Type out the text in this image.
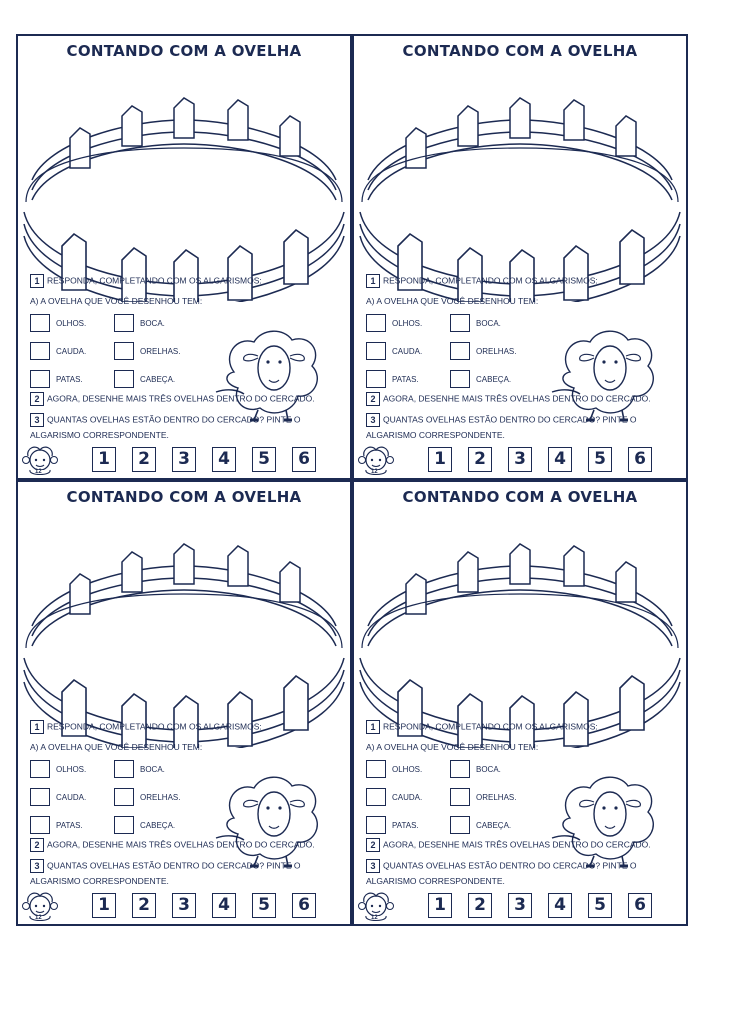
CONTANDO COM A OVELHA
1 RESPONDA, COMPLETANDO COM OS ALGARISMOS:
A) A OVELHA QUE VOCÊ DESENHOU TEM:
OLHOS.	BOCA.
CAUDA.	ORELHAS.
PATAS.	CABEÇA.
2 AGORA, DESENHE MAIS TRÊS OVELHAS DENTRO DO CERCADO.
3 QUANTAS OVELHAS ESTÃO DENTRO DO CERCADO? PINTE O
ALGARISMO CORRESPONDENTE.
12
1	2	3	4	5	6
CONTANDO COM A OVELHA
1 RESPONDA, COMPLETANDO COM OS ALGARISMOS:
A) A OVELHA QUE VOCÊ DESENHOU TEM:
OLHOS.	BOCA.
CAUDA.	ORELHAS.
PATAS.	CABEÇA.
2 AGORA, DESENHE MAIS TRÊS OVELHAS DENTRO DO CERCADO.
3 QUANTAS OVELHAS ESTÃO DENTRO DO CERCADO? PINTE O
ALGARISMO CORRESPONDENTE.
12
1	2	3	4	5	6
CONTANDO COM A OVELHA
1 RESPONDA, COMPLETANDO COM OS ALGARISMOS:
A) A OVELHA QUE VOCÊ DESENHOU TEM:
OLHOS.	BOCA.
CAUDA.	ORELHAS.
PATAS.	CABEÇA.
2 AGORA, DESENHE MAIS TRÊS OVELHAS DENTRO DO CERCADO.
3 QUANTAS OVELHAS ESTÃO DENTRO DO CERCADO? PINTE O
ALGARISMO CORRESPONDENTE.
12
1	2	3	4	5	6
CONTANDO COM A OVELHA
1 RESPONDA, COMPLETANDO COM OS ALGARISMOS:
A) A OVELHA QUE VOCÊ DESENHOU TEM:
OLHOS.	BOCA.
CAUDA.	ORELHAS.
PATAS.	CABEÇA.
2 AGORA, DESENHE MAIS TRÊS OVELHAS DENTRO DO CERCADO.
3 QUANTAS OVELHAS ESTÃO DENTRO DO CERCADO? PINTE O
ALGARISMO CORRESPONDENTE.
12
1	2	3	4	5	6
